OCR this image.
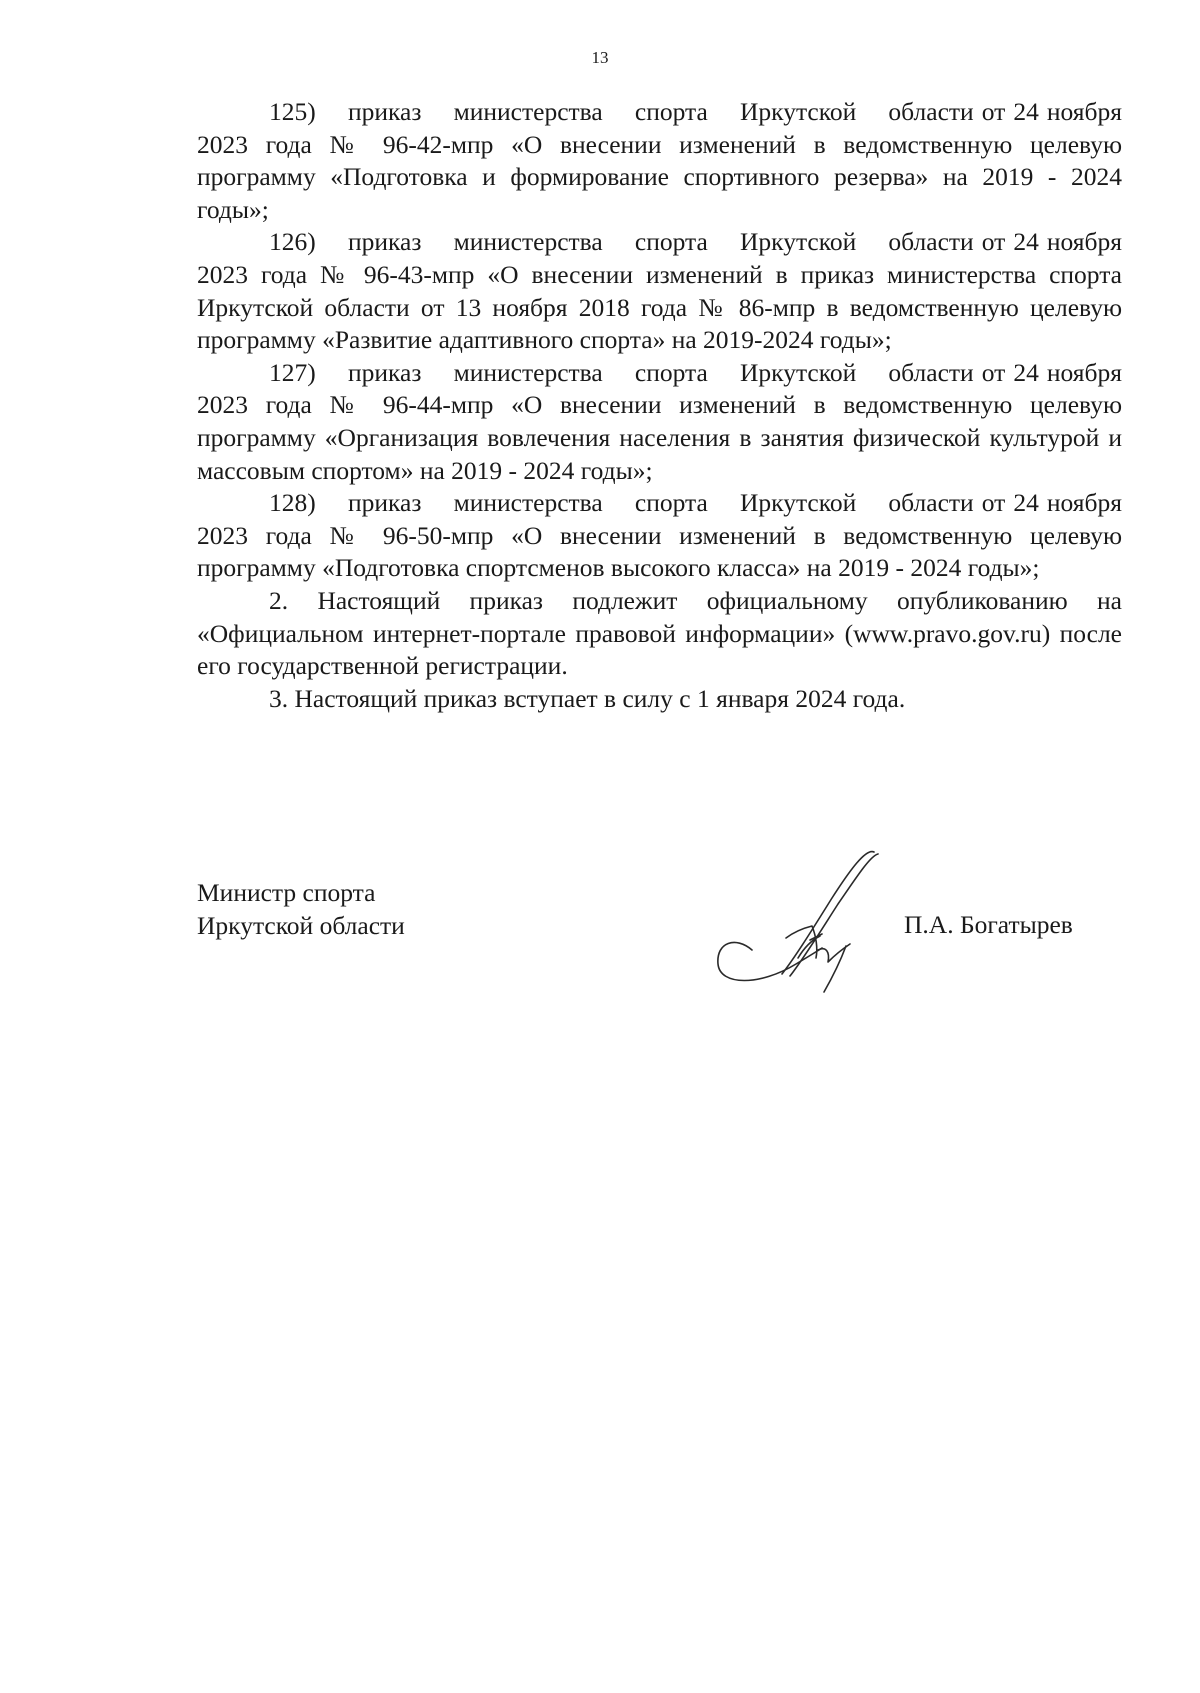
13

125)    приказ    министерства    спорта    Иркутской    области от 24 ноября 2023 года № 96-42-мпр «О внесении изменений в ведомственную целевую программу «Подготовка и формирование спортивного резерва» на 2019 - 2024 годы»;

126)    приказ    министерства    спорта    Иркутской    области от 24 ноября 2023 года № 96-43-мпр «О внесении изменений в приказ министерства спорта Иркутской области от 13 ноября 2018 года № 86-мпр в ведомственную целевую программу «Развитие адаптивного спорта» на 2019-2024 годы»;

127)    приказ    министерства    спорта    Иркутской    области от 24 ноября 2023 года № 96-44-мпр «О внесении изменений в ведомственную целевую программу «Организация вовлечения населения в занятия физической культурой и массовым спортом» на 2019 - 2024 годы»;

128)    приказ    министерства    спорта    Иркутской    области от 24 ноября 2023 года № 96-50-мпр «О внесении изменений в ведомственную целевую программу «Подготовка спортсменов высокого класса» на 2019 - 2024 годы»;

2. Настоящий приказ подлежит официальному опубликованию на «Официальном интернет-портале правовой информации» (www.pravo.gov.ru) после его государственной регистрации.

3. Настоящий приказ вступает в силу с 1 января 2024 года.

Министр спорта
Иркутской области	П.А. Богатырев
